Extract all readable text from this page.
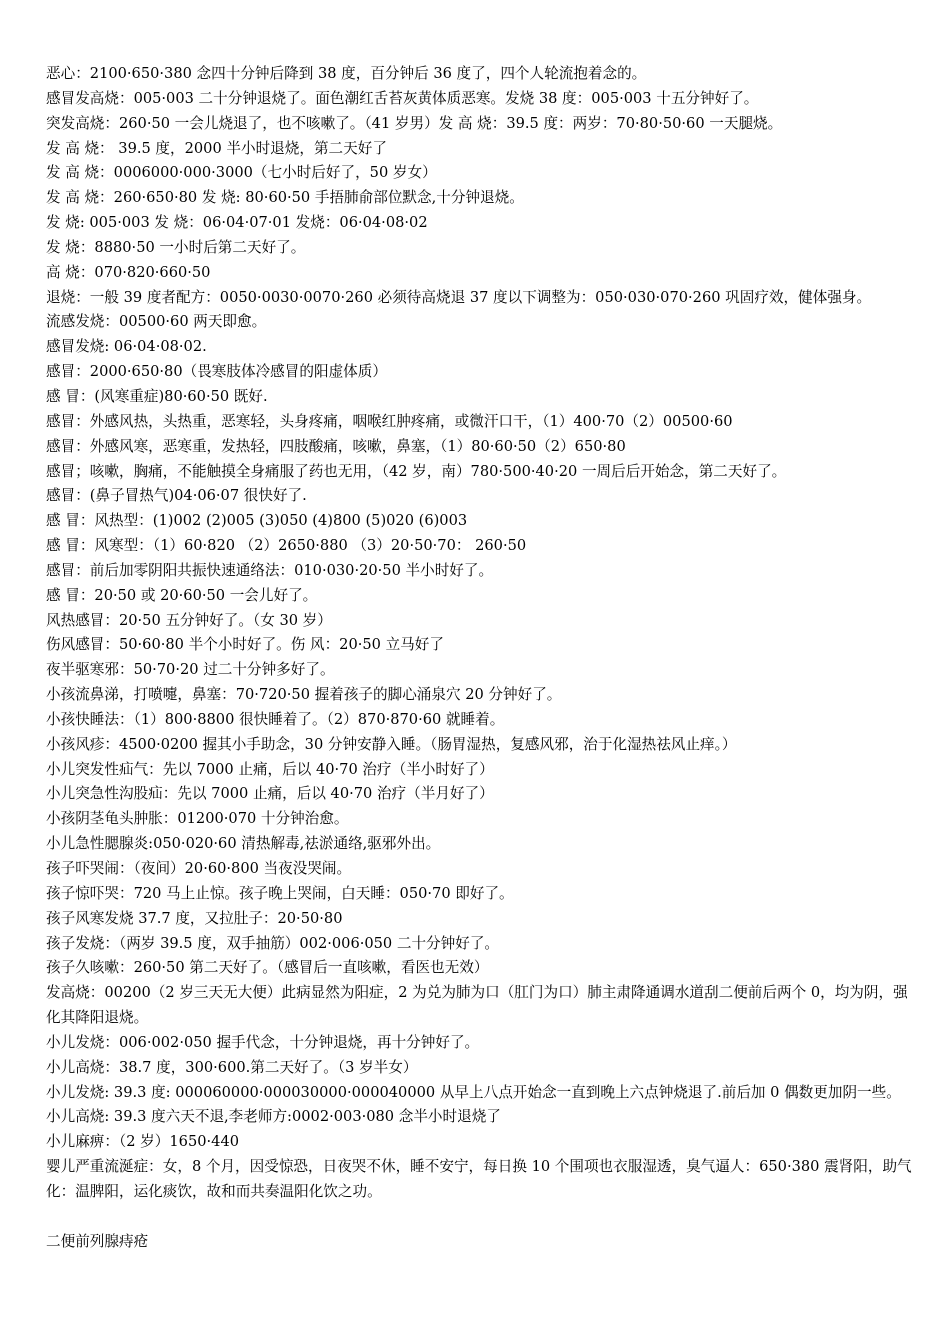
恶心：2100·650·380 念四十分钟后降到 38 度，百分钟后 36 度了，四个人轮流抱着念的。
感冒发高烧：005·003 二十分钟退烧了。面色潮红舌苔灰黄体质恶寒。发烧 38 度：005·003 十五分钟好了。
突发高烧：260·50 一会儿烧退了，也不咳嗽了。（41 岁男）发 高 烧：39.5 度：两岁：70·80·50·60 一天腿烧。
发 高 烧： 39.5 度，2000 半小时退烧，第二天好了
发 高 烧：0006000·000·3000（七小时后好了，50 岁女）
发 高 烧：260·650·80 发 烧: 80·60·50 手捂肺俞部位默念,十分钟退烧。
发 烧: 005·003 发 烧：06·04·07·01 发烧：06·04·08·02
发 烧：8880·50 一小时后第二天好了。
高 烧：070·820·660·50
退烧：一般 39 度者配方：0050·0030·0070·260 必须待高烧退 37 度以下调整为：050·030·070·260 巩固疗效，健体强身。
流感发烧：00500·60 两天即愈。
感冒发烧: 06·04·08·02.
感冒：2000·650·80（畏寒肢体冷感冒的阳虚体质）
感 冒：(风寒重症)80·60·50 既好.
感冒：外感风热，头热重，恶寒轻，头身疼痛，咽喉红肿疼痛，或微汗口干，（1）400·70（2）00500·60
感冒：外感风寒，恶寒重，发热轻，四肢酸痛，咳嗽，鼻塞，（1）80·60·50（2）650·80
感冒；咳嗽，胸痛，不能触摸全身痛服了药也无用，（42 岁，南）780·500·40·20 一周后后开始念，第二天好了。
感冒：(鼻子冒热气)04·06·07 很快好了.
感 冒：风热型：(1)002 (2)005 (3)050 (4)800 (5)020 (6)003
感 冒：风寒型：（1）60·820 （2）2650·880 （3）20·50·70： 260·50
感冒：前后加零阴阳共振快速通络法：010·030·20·50 半小时好了。
感 冒：20·50 或 20·60·50 一会儿好了。
风热感冒：20·50 五分钟好了。（女 30 岁）
伤风感冒：50·60·80 半个小时好了。伤 风：20·50 立马好了
夜半驱寒邪：50·70·20 过二十分钟多好了。
小孩流鼻涕，打喷嚏，鼻塞：70·720·50 握着孩子的脚心涌泉穴 20 分钟好了。
小孩快睡法：（1）800·8800 很快睡着了。（2）870·870·60 就睡着。
小孩风疹：4500·0200 握其小手助念，30 分钟安静入睡。（肠胃湿热，复感风邪，治于化湿热祛风止痒。）
小儿突发性疝气：先以 7000 止痛，后以 40·70 治疗（半小时好了）
小儿突急性沟股疝：先以 7000 止痛，后以 40·70 治疗（半月好了）
小孩阴茎龟头肿胀：01200·070 十分钟治愈。
小儿急性腮腺炎:050·020·60 清热解毒,祛淤通络,驱邪外出。
孩子吓哭闹：（夜间）20·60·800 当夜没哭闹。
孩子惊吓哭：720 马上止惊。孩子晚上哭闹，白天睡：050·70 即好了。
孩子风寒发烧 37.7 度，又拉肚子：20·50·80
孩子发烧：（两岁 39.5 度，双手抽筋）002·006·050 二十分钟好了。
孩子久咳嗽：260·50 第二天好了。（感冒后一直咳嗽，看医也无效）
发高烧：00200（2 岁三天无大便）此病显然为阳症，2 为兑为肺为口（肛门为口）肺主肃降通调水道刮二便前后两个 0，均为阴，强化其降阳退烧。
小儿发烧：006·002·050 握手代念，十分钟退烧，再十分钟好了。
小儿高烧：38.7 度，300·600.第二天好了。（3 岁半女）
小儿发烧: 39.3 度: 000060000·000030000·000040000 从早上八点开始念一直到晚上六点钟烧退了.前后加 0 偶数更加阴一些。
小儿高烧: 39.3 度六天不退,李老师方:0002·003·080 念半小时退烧了
小儿麻痹：（2 岁）1650·440
婴儿严重流涎症：女，8 个月，因受惊恐，日夜哭不休，睡不安宁，每日换 10 个围项也衣服湿透，臭气逼人：650·380 震肾阳，助气化：温脾阳，运化痰饮，故和而共奏温阳化饮之功。
二便前列腺痔疮
